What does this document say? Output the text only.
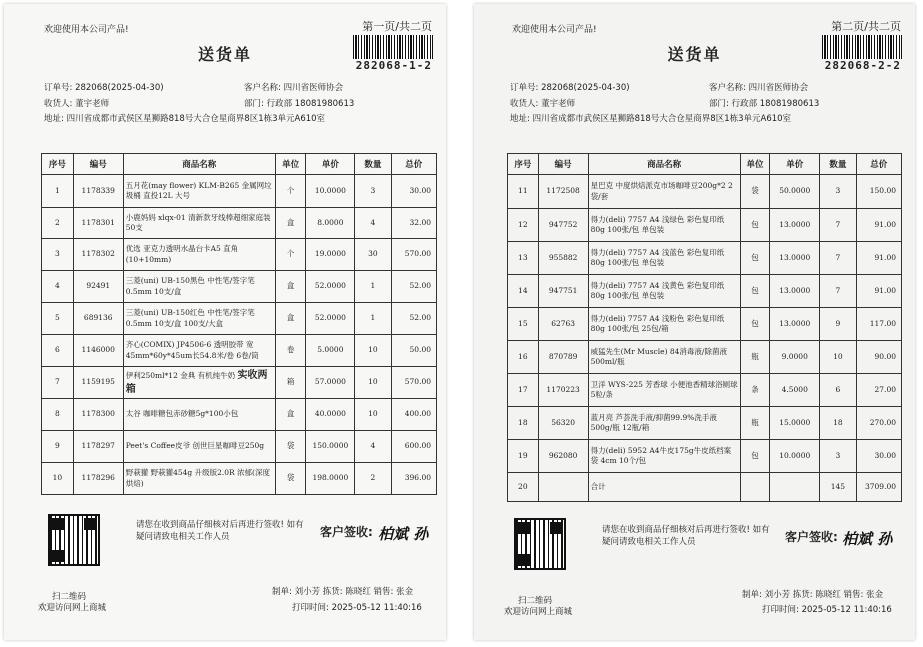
欢迎使用本公司产品!	第一页/共二页
282068-1-2
送货单
订单号: 282068(2025-04-30)	客户名称: 四川省医师协会
收货人: 董宇老师	部门: 行政部 18081980613
地址: 四川省成都市武侯区星狮路818号大合仓星商界8区1栋3单元A610室
序号	编号	商品名称	单位	单价	数量	总价
1	1178339	五月花(may flower) KLM-B265 金属网垃圾桶 直投12L 大号	个	10.0000	3	30.00
2	1178301	小鹿妈妈 xlqx-01 清新款牙线棒超细家庭装50支	盒	8.0000	4	32.00
3	1178302	优选 亚克力透明水晶台卡A5 直角(10+10mm)	个	19.0000	30	570.00
4	92491	三菱(uni) UB-150黑色 中性笔/签字笔0.5mm 10支/盒	盒	52.0000	1	52.00
5	689136	三菱(uni) UB-150红色 中性笔/签字笔0.5mm 10支/盒 100支/大盒	盒	52.0000	1	52.00
6	1146000	齐心(COMIX) JP4506-6 透明胶带 宽45mm*60y*45um长54.8米/卷 6卷/筒	卷	5.0000	10	50.00
7	1159195	伊利250ml*12 金典 有机纯牛奶 实收两箱	箱	57.0000	10	570.00
8	1178300	太谷 咖啡糖包赤砂糖5g*100小包	盒	40.0000	10	400.00
9	1178297	Peet's Coffee皮爷 创世巨星咖啡豆250g	袋	150.0000	4	600.00
10	1178296	野萩獾 野萩獾454g 升级版2.0R 浓郁(深度烘焙)	袋	198.0000	2	396.00
扫二维码
欢迎访问网上商城
请您在收到商品仔细核对后再进行签收! 如有疑问请致电相关工作人员	客户签收: 柏斌 孙
制单: 刘小芳 拣货: 陈晓红 销售: 张金
打印时间: 2025-05-12 11:40:16
欢迎使用本公司产品!	第二页/共二页
282068-2-2
送货单
订单号: 282068(2025-04-30)	客户名称: 四川省医师协会
收货人: 董宇老师	部门: 行政部 18081980613
地址: 四川省成都市武侯区星狮路818号大合仓星商界8区1栋3单元A610室
序号	编号	商品名称	单位	单价	数量	总价
11	1172508	星巴克 中度烘焙派克市场咖啡豆200g*2 2袋/套	袋	50.0000	3	150.00
12	947752	得力(deli) 7757 A4 浅绿色 彩色复印纸 80g 100张/包 单包装	包	13.0000	7	91.00
13	955882	得力(deli) 7757 A4 浅蓝色 彩色复印纸 80g 100张/包 单包装	包	13.0000	7	91.00
14	947751	得力(deli) 7757 A4 浅黄色 彩色复印纸 80g 100张/包 单包装	包	13.0000	7	91.00
15	62763	得力(deli) 7757 A4 浅粉色 彩色复印纸 80g 100张/包 25包/箱	包	13.0000	9	117.00
16	870789	威猛先生(Mr Muscle) 84消毒液/除菌液 500ml/瓶	瓶	9.0000	10	90.00
17	1170223	卫洋 WYS-225 芳香球 小便池香精球浴厕球 5粒/条	条	4.5000	6	27.00
18	56320	蓝月亮 芦荟洗手液/抑菌99.9%洗手液 500g/瓶 12瓶/箱	瓶	15.0000	18	270.00
19	962080	得力(deli) 5952 A4牛皮175g牛皮纸档案袋 4cm 10个/包	包	10.0000	3	30.00
20		合计			145	3709.00
扫二维码
欢迎访问网上商城
请您在收到商品仔细核对后再进行签收! 如有疑问请致电相关工作人员	客户签收: 柏斌 孙
制单: 刘小芳 拣货: 陈晓红 销售: 张金
打印时间: 2025-05-12 11:40:16
